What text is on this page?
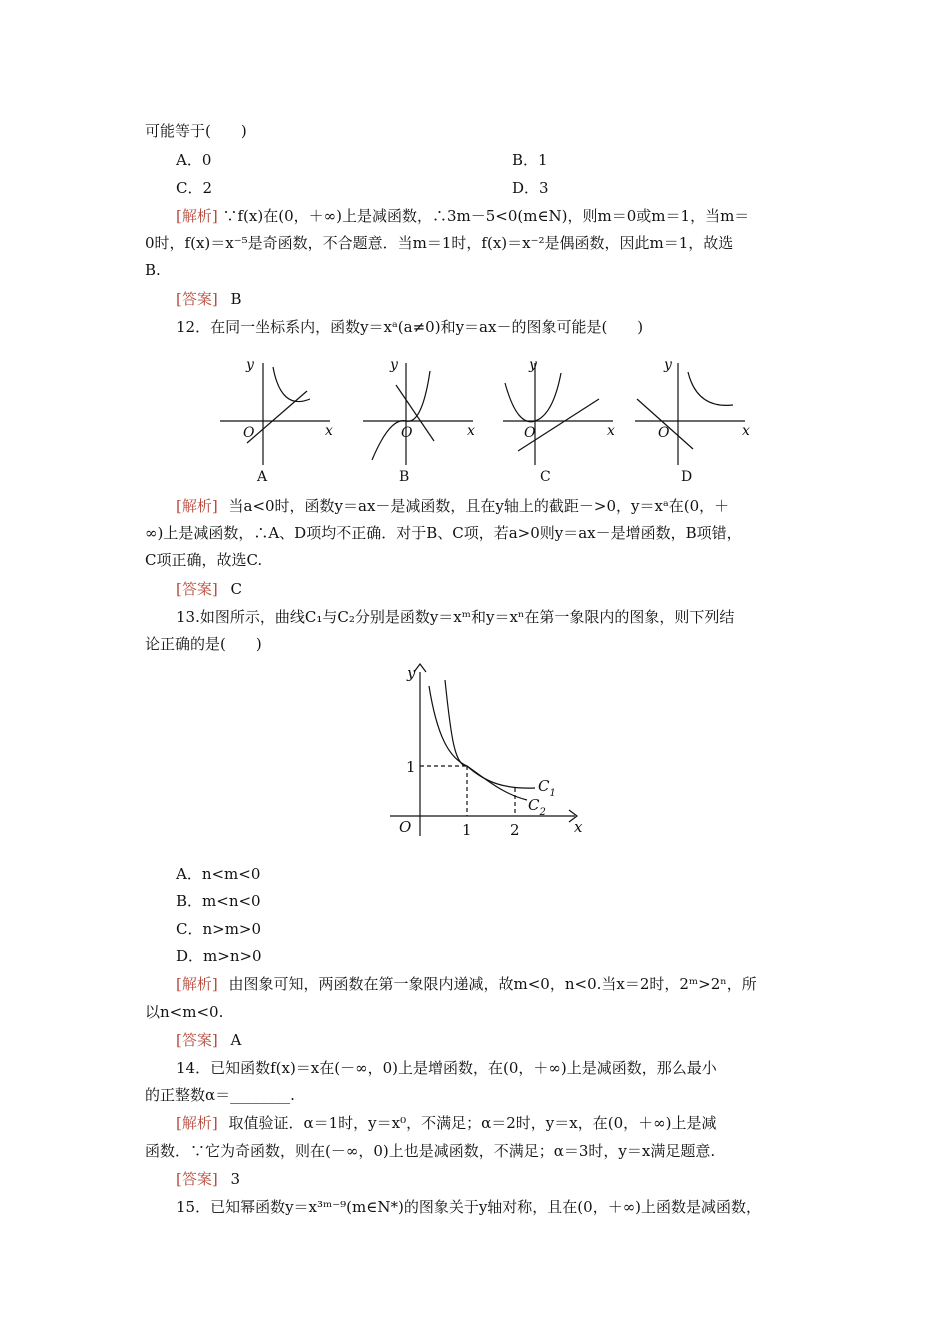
可能等于(　　)
A．0	B．1
C．2	D．3
[解析] ∵f(x)在(0，＋∞)上是减函数，∴3m－5<0(m∈N)，则m＝0或m＝1，当m＝
0时，f(x)＝x⁻⁵是奇函数，不合题意．当m＝1时，f(x)＝x⁻²是偶函数，因此m＝1，故选
B.
[答案] B
12．在同一坐标系内，函数y＝xᵃ(a≠0)和y＝ax－的图象可能是(　　)
y
x
O
A
y
x
O
B
y
x
O
C
y
x
O
D
[解析] 当a<0时，函数y＝ax－是减函数，且在y轴上的截距－>0，y＝xᵃ在(0，＋
∞)上是减函数，∴A、D项均不正确．对于B、C项，若a>0则y＝ax－是增函数，B项错，
C项正确，故选C.
[答案] C
13.如图所示，曲线C₁与C₂分别是函数y＝xᵐ和y＝xⁿ在第一象限内的图象，则下列结
论正确的是(　　)
y
x
O
1
1	2
$C_1$
$C_2$
A．n<m<0
B．m<n<0
C．n>m>0
D．m>n>0
[解析] 由图象可知，两函数在第一象限内递减，故m<0，n<0.当x＝2时，2ᵐ>2ⁿ，所
以n<m<0.
[答案] A
14．已知函数f(x)＝x在(－∞，0)上是增函数，在(0，＋∞)上是减函数，那么最小
的正整数α＝________.
[解析] 取值验证．α＝1时，y＝x⁰，不满足；α＝2时，y＝x，在(0，＋∞)上是减
函数．∵它为奇函数，则在(－∞，0)上也是减函数，不满足；α＝3时，y＝x满足题意.
[答案] 3
15．已知幂函数y＝x³ᵐ⁻⁹(m∈N*)的图象关于y轴对称，且在(0，＋∞)上函数是减函数，
